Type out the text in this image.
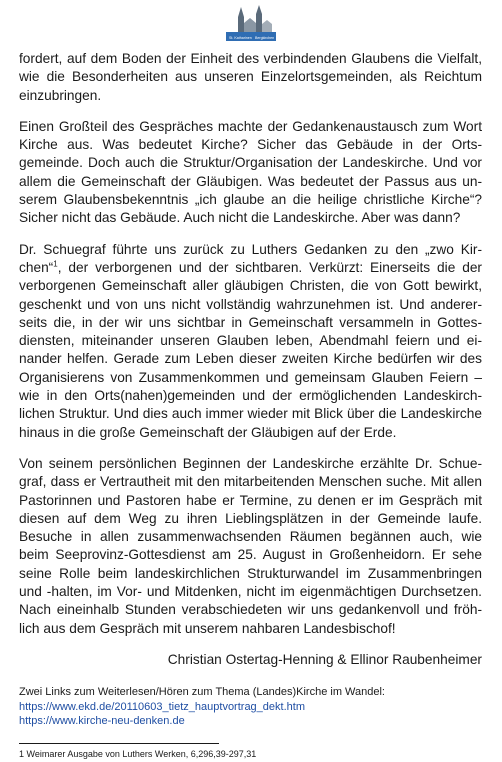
St. Katharinen Bergkirchen

fordert, auf dem Boden der Einheit des verbindenden Glaubens die Vielfalt, wie die Besonderheiten aus unseren Einzelortsgemeinden, als Reichtum einzubringen.

Einen Großteil des Gespräches machte der Gedankenaustausch zum Wort Kirche aus. Was bedeutet Kirche? Sicher das Gebäude in der Ortsgemeinde. Doch auch die Struktur/Organisation der Landeskirche. Und vor allem die Gemeinschaft der Gläubigen. Was bedeutet der Passus aus unserem Glaubensbekenntnis „ich glaube an die heilige christliche Kirche“? Sicher nicht das Gebäude. Auch nicht die Landeskirche. Aber was dann?

Dr. Schuegraf führte uns zurück zu Luthers Gedanken zu den „zwo Kirchen“$^1$, der verborgenen und der sichtbaren. Verkürzt: Einerseits die der verborgenen Gemeinschaft aller gläubigen Christen, die von Gott bewirkt, geschenkt und von uns nicht vollständig wahrzunehmen ist. Und andererseits die, in der wir uns sichtbar in Gemeinschaft versammeln in Gottesdiensten, miteinander unseren Glauben leben, Abendmahl feiern und einander helfen. Gerade zum Leben dieser zweiten Kirche bedürfen wir des Organisierens von Zusammenkommen und gemeinsam Glauben Feiern – wie in den Orts(nahen)gemeinden und der ermöglichenden Landeskirchlichen Struktur. Und dies auch immer wieder mit Blick über die Landeskirche hinaus in die große Gemeinschaft der Gläubigen auf der Erde.

Von seinem persönlichen Beginnen der Landeskirche erzählte Dr. Schuegraf, dass er Vertrautheit mit den mitarbeitenden Menschen suche. Mit allen Pastorinnen und Pastoren habe er Termine, zu denen er im Gespräch mit diesen auf dem Weg zu ihren Lieblingsplätzen in der Gemeinde laufe. Besuche in allen zusammenwachsenden Räumen begännen auch, wie beim Seeprovinz-Gottesdienst am 25. August in Großenheidorn. Er sehe seine Rolle beim landeskirchlichen Strukturwandel im Zusammenbringen und -halten, im Vor- und Mitdenken, nicht im eigenmächtigen Durchsetzen. Nach eineinhalb Stunden verabschiedeten wir uns gedankenvoll und fröhlich aus dem Gespräch mit unserem nahbaren Landesbischof!

Christian Ostertag-Henning & Ellinor Raubenheimer

Zwei Links zum Weiterlesen/Hören zum Thema (Landes)Kirche im Wandel:

https://www.ekd.de/20110603_tietz_hauptvortrag_dekt.htm
https://www.kirche-neu-denken.de

1 Weimarer Ausgabe von Luthers Werken, 6,296,39-297,31
